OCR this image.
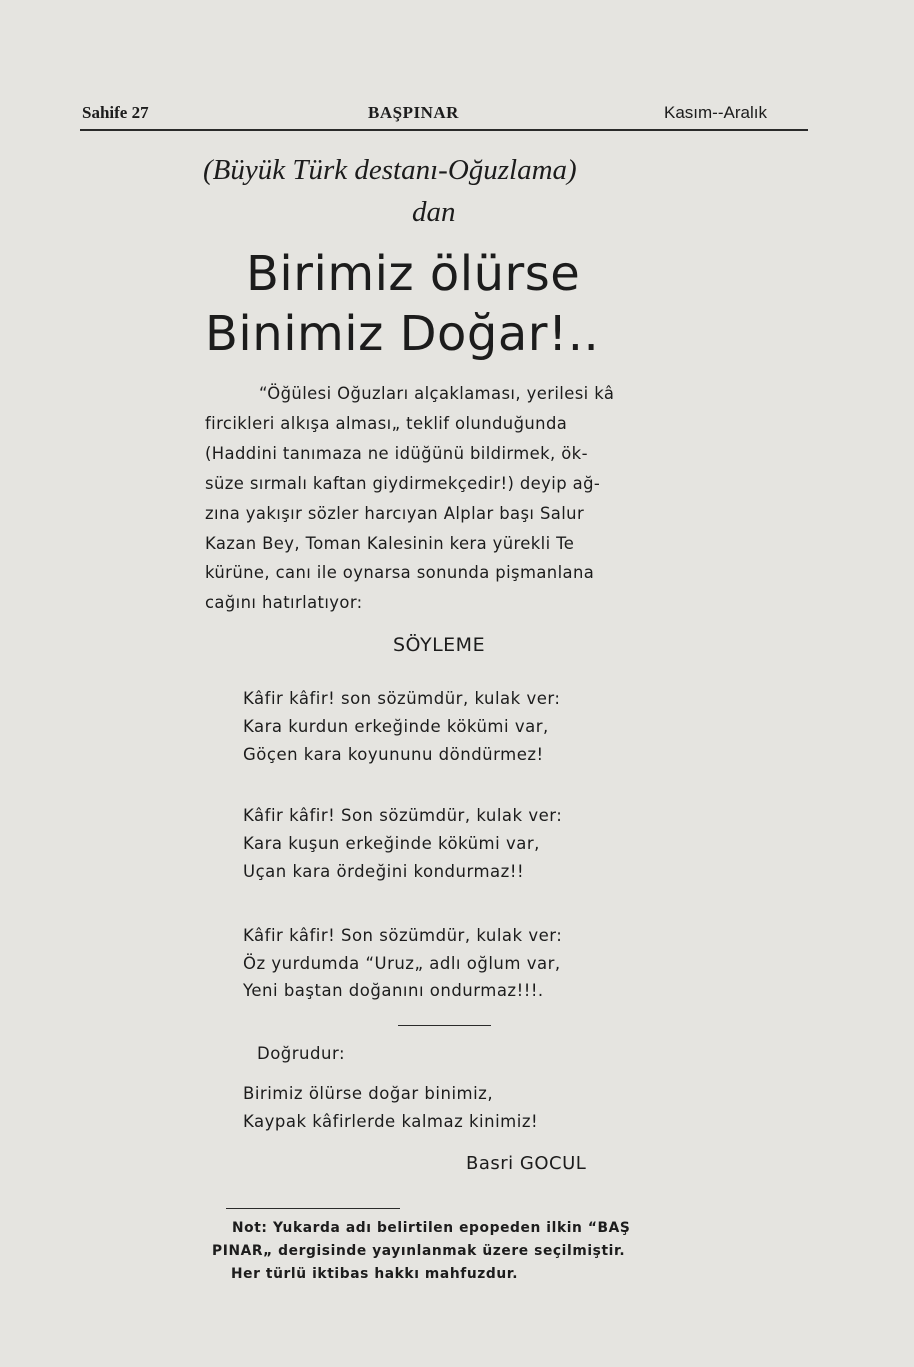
Sahife 27	BAŞPINAR	Kasım--Aralık
(Büyük Türk destanı-Oğuzlama)
dan
Birimiz ölürse
Binimiz Doğar!..
“Öğülesi Oğuzları alçaklaması, yerilesi kâ
fircikleri alkışa alması„ teklif olunduğunda
(Haddini tanımaza ne idüğünü bildirmek, ök-
süze sırmalı kaftan giydirmekçedir!) deyip ağ-
zına yakışır sözler harcıyan Alplar başı Salur
Kazan Bey, Toman Kalesinin kera yürekli Te
kürüne, canı ile oynarsa sonunda pişmanlana
cağını hatırlatıyor:
SÖYLEME
Kâfir kâfir! son sözümdür, kulak ver:
Kara kurdun erkeğinde kökümi var,
Göçen kara koyununu döndürmez!
Kâfir kâfir! Son sözümdür, kulak ver:
Kara kuşun erkeğinde kökümi var,
Uçan kara ördeğini kondurmaz!!
Kâfir kâfir! Son sözümdür, kulak ver:
Öz yurdumda “Uruz„ adlı oğlum var,
Yeni baştan doğanını ondurmaz!!!.
Doğrudur:
Birimiz ölürse doğar binimiz,
Kaypak kâfirlerde kalmaz kinimiz!
Basri GOCUL
Not: Yukarda adı belirtilen epopeden ilkin “BAŞ
PINAR„ dergisinde yayınlanmak üzere seçilmiştir.
Her türlü iktibas hakkı mahfuzdur.
